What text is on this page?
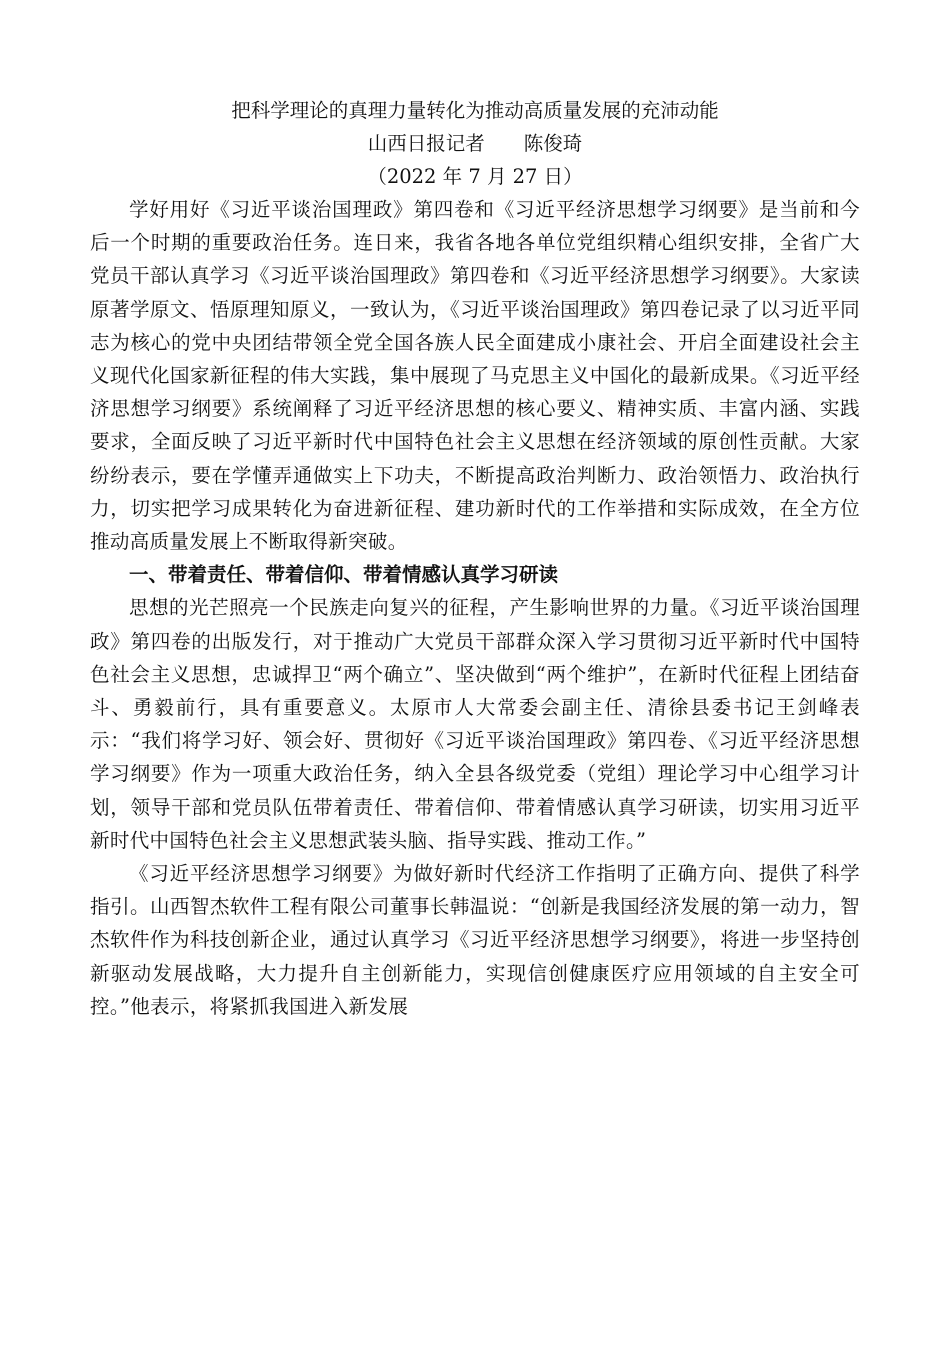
把科学理论的真理力量转化为推动高质量发展的充沛动能

山西日报记者　　陈俊琦

（2022 年 7 月 27 日）

学好用好《习近平谈治国理政》第四卷和《习近平经济思想学习纲要》是当前和今后一个时期的重要政治任务。连日来，我省各地各单位党组织精心组织安排，全省广大党员干部认真学习《习近平谈治国理政》第四卷和《习近平经济思想学习纲要》。大家读原著学原文、悟原理知原义，一致认为，《习近平谈治国理政》第四卷记录了以习近平同志为核心的党中央团结带领全党全国各族人民全面建成小康社会、开启全面建设社会主义现代化国家新征程的伟大实践，集中展现了马克思主义中国化的最新成果。《习近平经济思想学习纲要》系统阐释了习近平经济思想的核心要义、精神实质、丰富内涵、实践要求，全面反映了习近平新时代中国特色社会主义思想在经济领域的原创性贡献。大家纷纷表示，要在学懂弄通做实上下功夫，不断提高政治判断力、政治领悟力、政治执行力，切实把学习成果转化为奋进新征程、建功新时代的工作举措和实际成效，在全方位推动高质量发展上不断取得新突破。

一、带着责任、带着信仰、带着情感认真学习研读

思想的光芒照亮一个民族走向复兴的征程，产生影响世界的力量。《习近平谈治国理政》第四卷的出版发行，对于推动广大党员干部群众深入学习贯彻习近平新时代中国特色社会主义思想，忠诚捍卫“两个确立”、坚决做到“两个维护”，在新时代征程上团结奋斗、勇毅前行，具有重要意义。太原市人大常委会副主任、清徐县委书记王剑峰表示：“我们将学习好、领会好、贯彻好《习近平谈治国理政》第四卷、《习近平经济思想学习纲要》作为一项重大政治任务，纳入全县各级党委（党组）理论学习中心组学习计划，领导干部和党员队伍带着责任、带着信仰、带着情感认真学习研读，切实用习近平新时代中国特色社会主义思想武装头脑、指导实践、推动工作。”

《习近平经济思想学习纲要》为做好新时代经济工作指明了正确方向、提供了科学指引。山西智杰软件工程有限公司董事长韩温说：“创新是我国经济发展的第一动力，智杰软件作为科技创新企业，通过认真学习《习近平经济思想学习纲要》，将进一步坚持创新驱动发展战略，大力提升自主创新能力，实现信创健康医疗应用领域的自主安全可控。”他表示，将紧抓我国进入新发展
